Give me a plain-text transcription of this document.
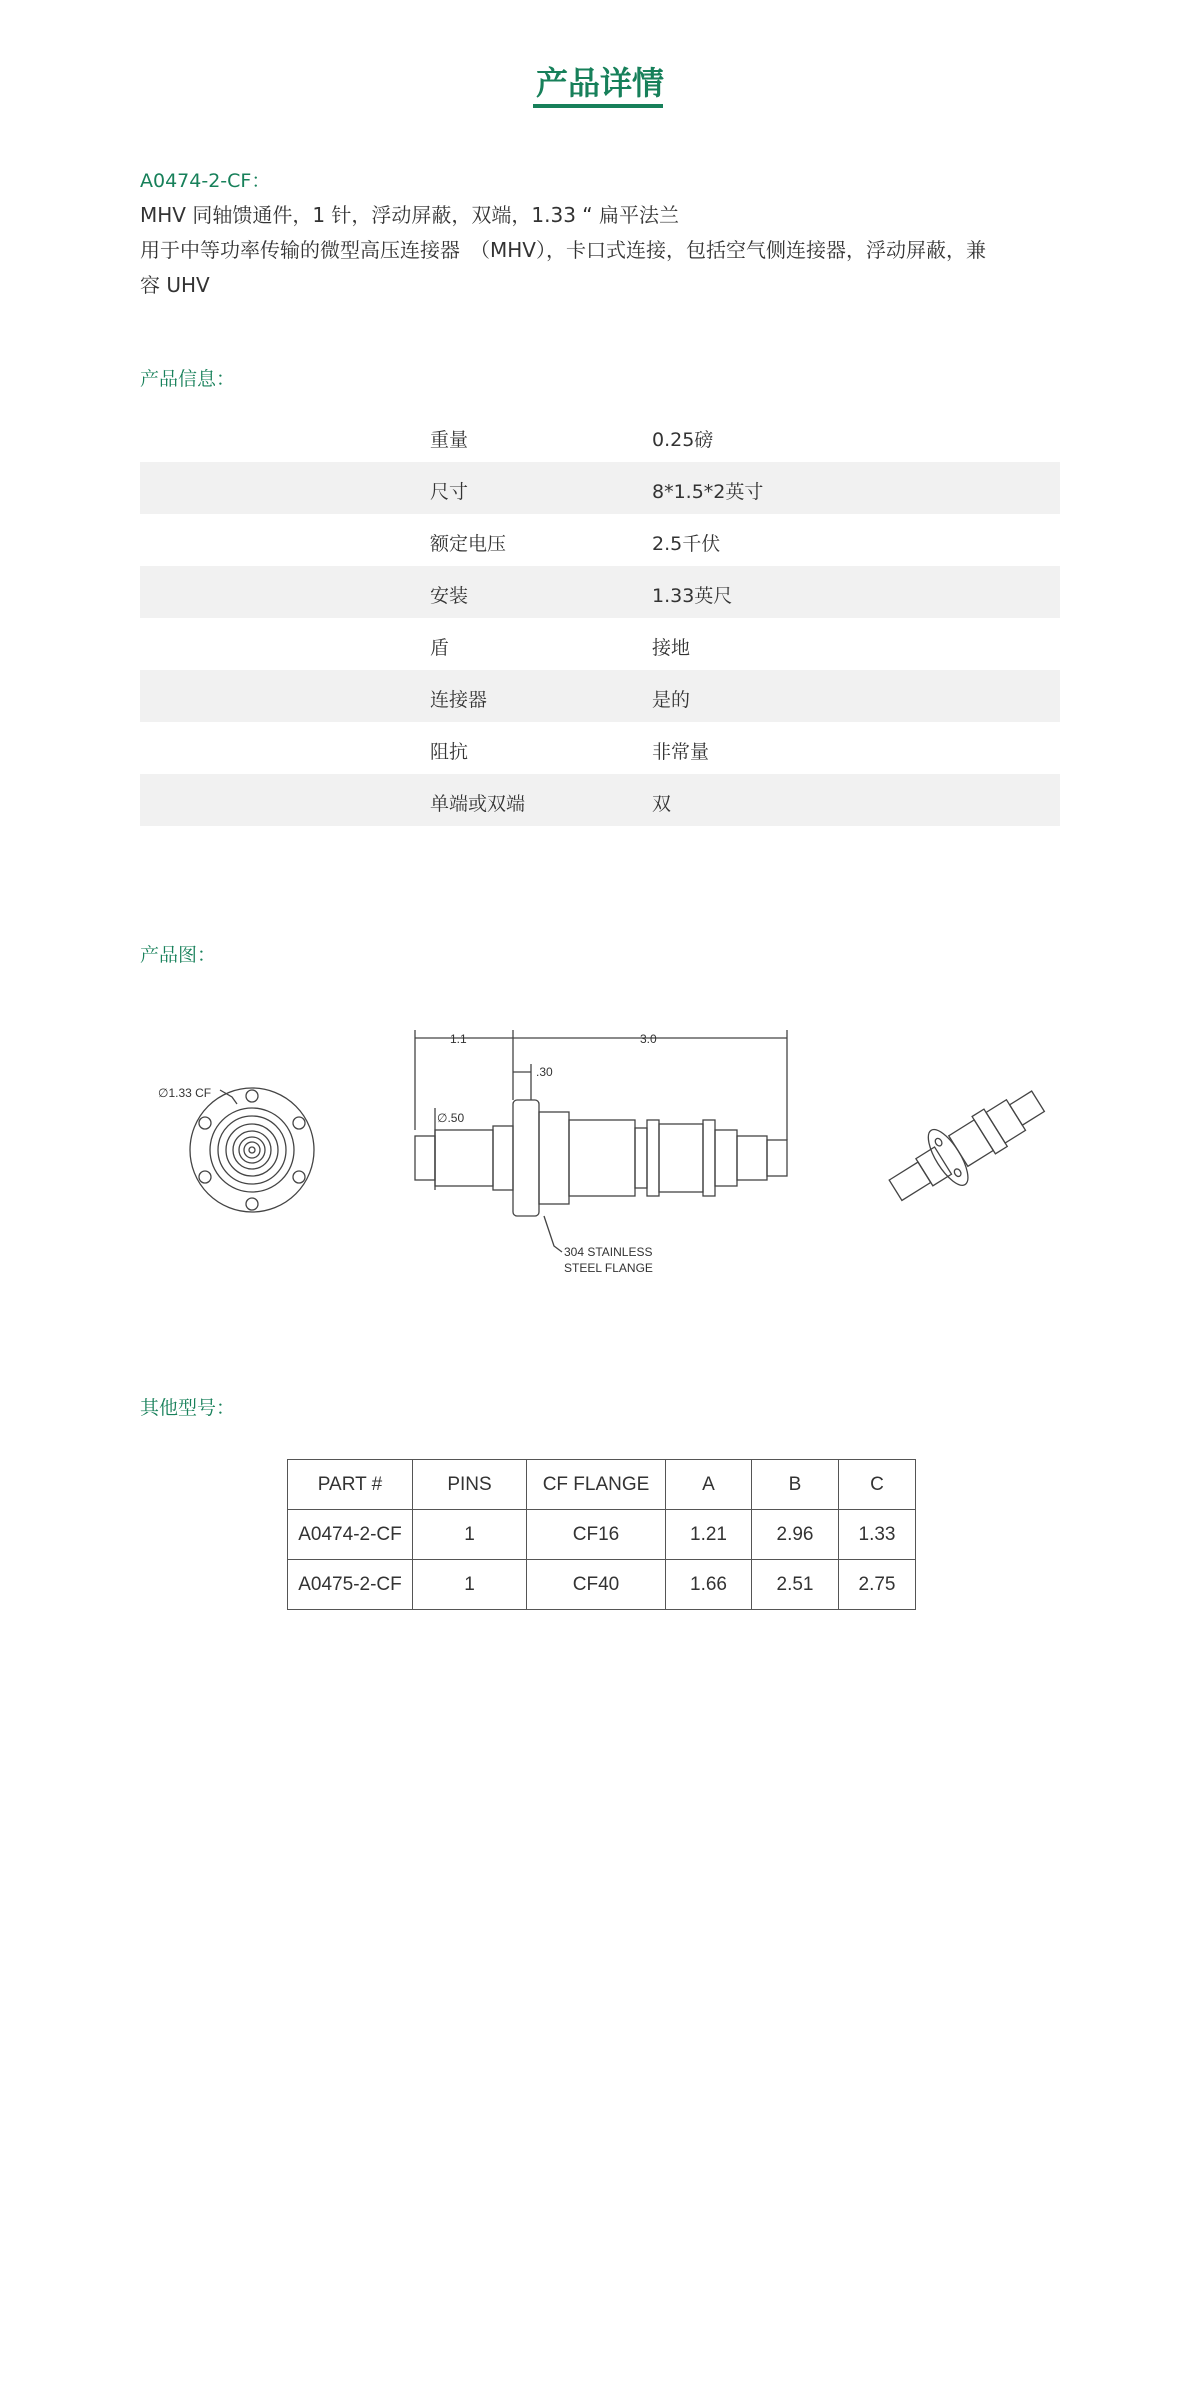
产品详情
A0474-2-CF：
MHV 同轴馈通件，1 针，浮动屏蔽，双端，1.33 “ 扁平法兰
用于中等功率传输的微型高压连接器　（MHV），卡口式连接，包括空气侧连接器，浮动屏蔽，兼
容 UHV
产品信息：
重量	0.25磅
尺寸	8*1.5*2英寸
额定电压	2.5千伏
安装	1.33英尺
盾	接地
连接器	是的
阻抗	非常量
单端或双端	双
产品图：
∅1.33 CF
1.1	3.0
.30
∅.50
304 STAINLESS
STEEL FLANGE
其他型号：
PART #	PINS	CF FLANGE	A	B	C
A0474-2-CF	1	CF16	1.21	2.96	1.33
A0475-2-CF	1	CF40	1.66	2.51	2.75
